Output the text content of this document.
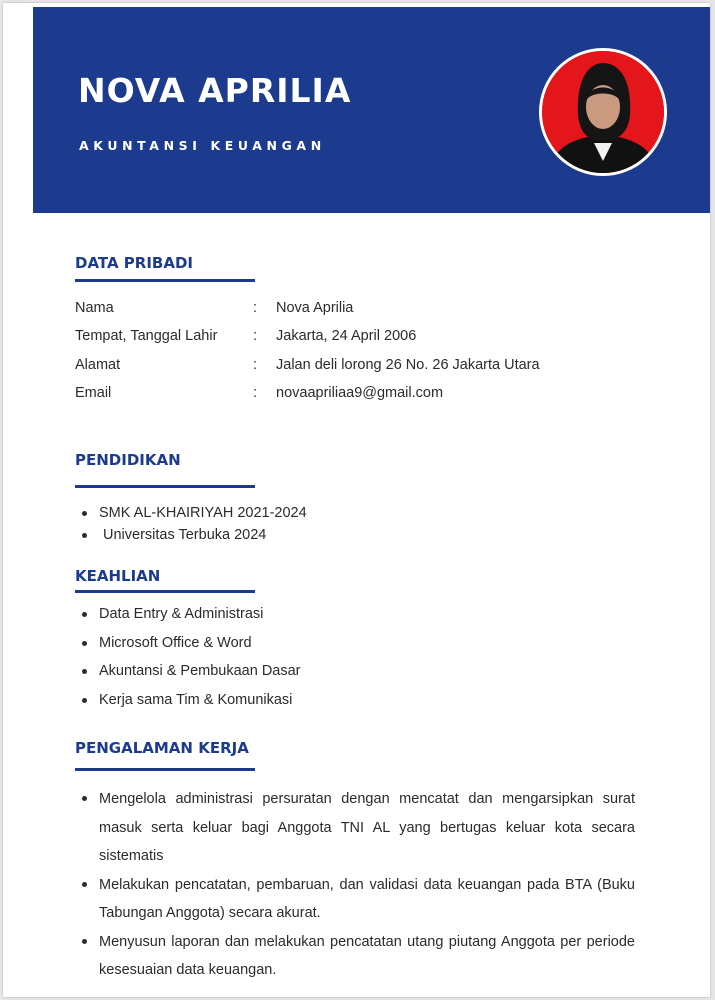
NOVA APRILIA
AKUNTANSI KEUANGAN
DATA PRIBADI
Nama	: Nova Aprilia
Tempat, Tanggal Lahir : Jakarta, 24 April 2006
Alamat	: Jalan deli lorong 26 No. 26 Jakarta Utara
Email	: novaapriliaa9@gmail.com
PENDIDIKAN
SMK AL-KHAIRIYAH 2021-2024
Universitas Terbuka 2024
KEAHLIAN
Data Entry & Administrasi
Microsoft Office & Word
Akuntansi & Pembukaan Dasar
Kerja sama Tim & Komunikasi
PENGALAMAN KERJA
Mengelola administrasi persuratan dengan mencatat dan mengarsipkan surat masuk serta keluar bagi Anggota TNI AL yang bertugas keluar kota secara sistematis
Melakukan pencatatan, pembaruan, dan validasi data keuangan pada BTA (Buku Tabungan Anggota) secara akurat.
Menyusun laporan dan melakukan pencatatan utang piutang Anggota per periode kesesuaian data keuangan.
